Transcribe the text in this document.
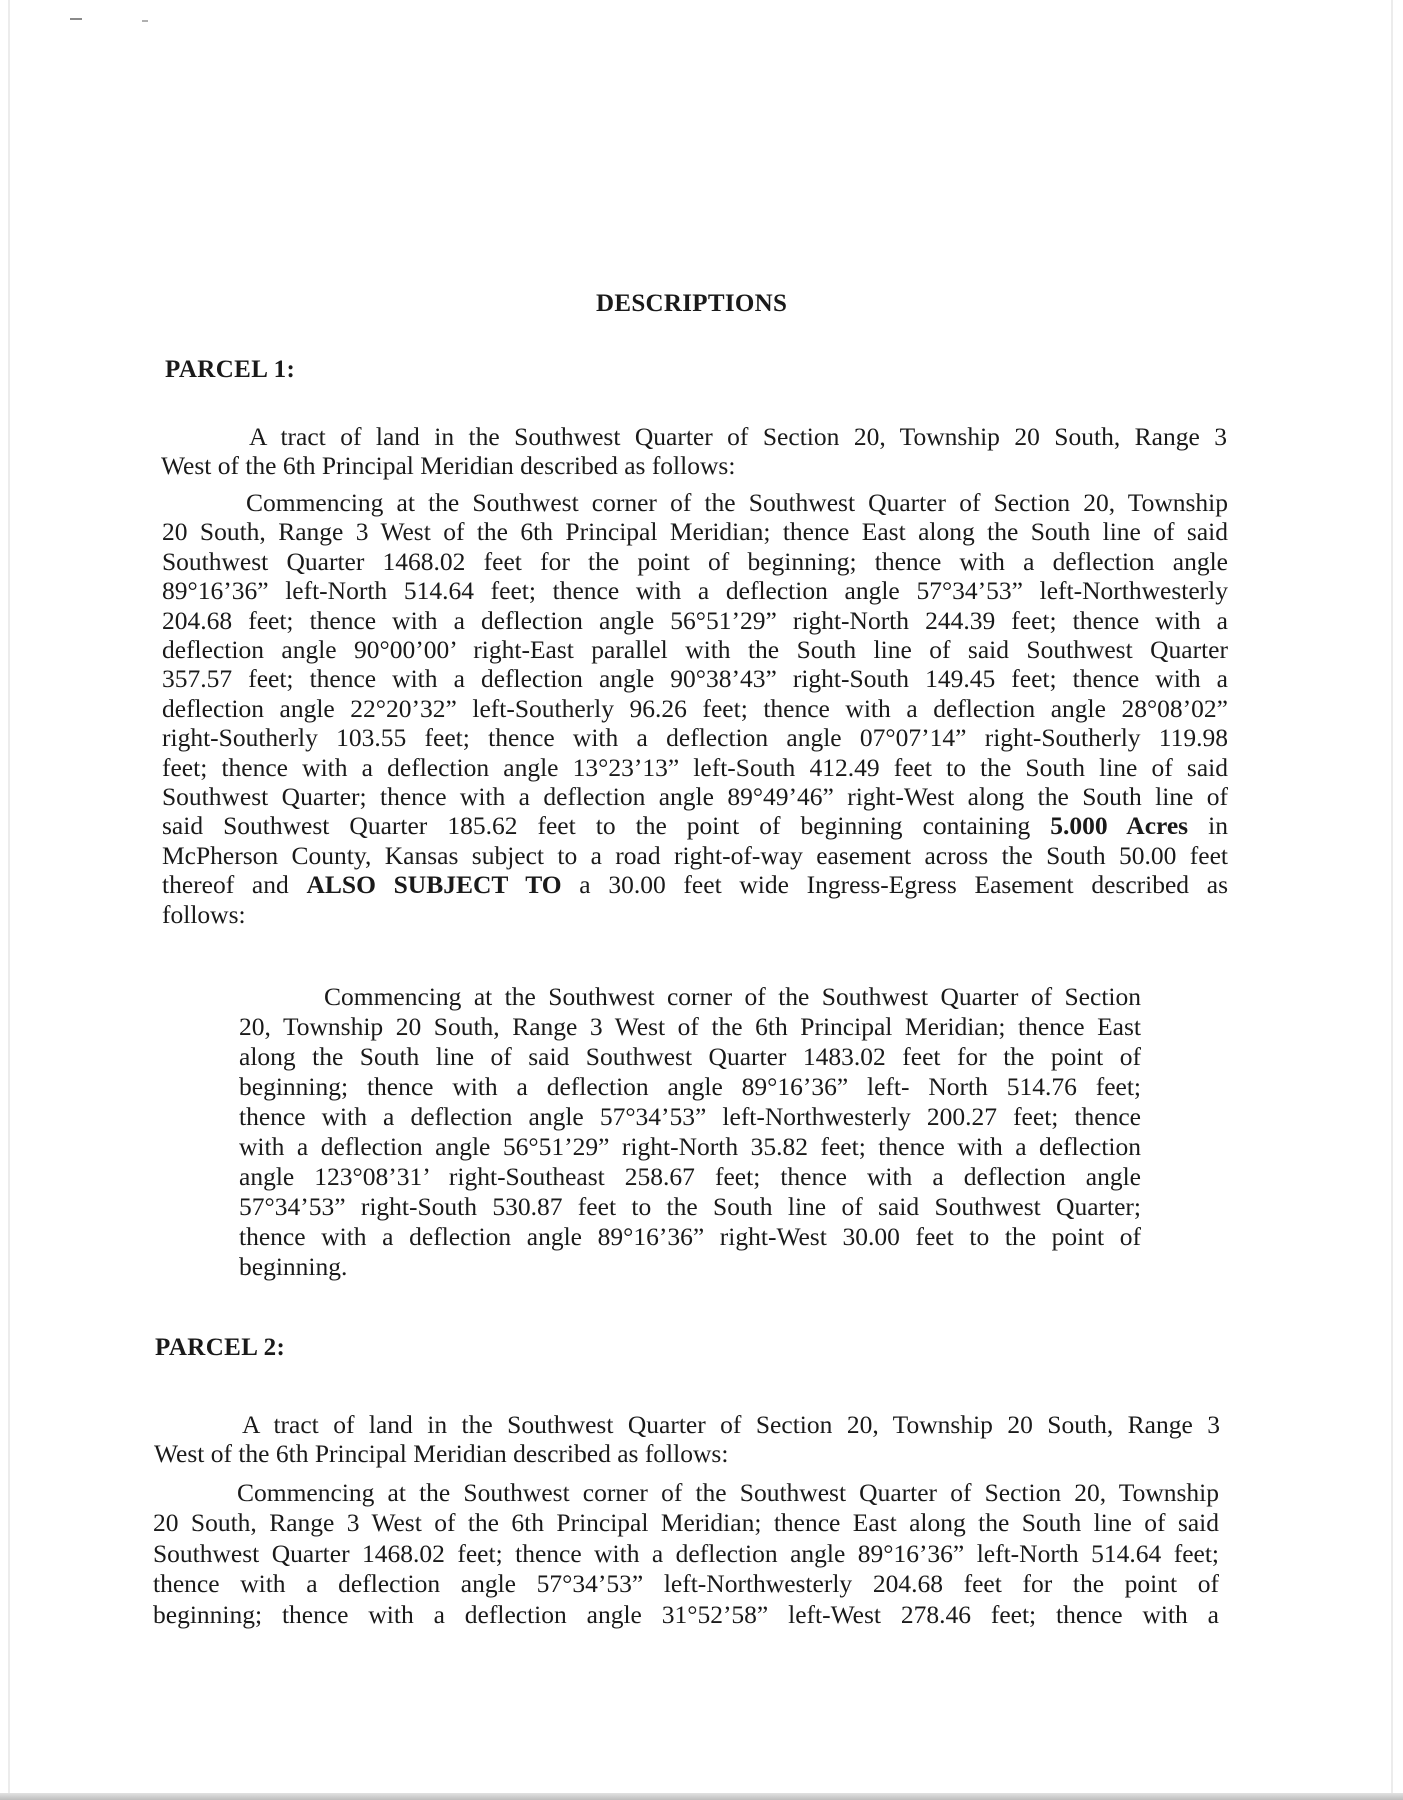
DESCRIPTIONS
PARCEL 1:
A tract of land in the Southwest Quarter of Section 20, Township 20 South, Range 3
West of the 6th Principal Meridian described as follows:
Commencing at the Southwest corner of the Southwest Quarter of Section 20, Township
20 South, Range 3 West of the 6th Principal Meridian; thence East along the South line of said
Southwest Quarter 1468.02 feet for the point of beginning; thence with a deflection angle
89°16’36” left-North 514.64 feet; thence with a deflection angle 57°34’53” left-Northwesterly
204.68 feet; thence with a deflection angle 56°51’29” right-North 244.39 feet; thence with a
deflection angle 90°00’00’ right-East parallel with the South line of said Southwest Quarter
357.57 feet; thence with a deflection angle 90°38’43” right-South 149.45 feet; thence with a
deflection angle 22°20’32” left-Southerly 96.26 feet; thence with a deflection angle 28°08’02”
right-Southerly 103.55 feet; thence with a deflection angle 07°07’14” right-Southerly 119.98
feet; thence with a deflection angle 13°23’13” left-South 412.49 feet to the South line of said
Southwest Quarter; thence with a deflection angle 89°49’46” right-West along the South line of
said Southwest Quarter 185.62 feet to the point of beginning containing 5.000 Acres in
McPherson County, Kansas subject to a road right-of-way easement across the South 50.00 feet
thereof and ALSO SUBJECT TO a 30.00 feet wide Ingress-Egress Easement described as
follows:
Commencing at the Southwest corner of the Southwest Quarter of Section
20, Township 20 South, Range 3 West of the 6th Principal Meridian; thence East
along the South line of said Southwest Quarter 1483.02 feet for the point of
beginning; thence with a deflection angle 89°16’36” left- North 514.76 feet;
thence with a deflection angle 57°34’53” left-Northwesterly 200.27 feet; thence
with a deflection angle 56°51’29” right-North 35.82 feet; thence with a deflection
angle 123°08’31’ right-Southeast 258.67 feet; thence with a deflection angle
57°34’53” right-South 530.87 feet to the South line of said Southwest Quarter;
thence with a deflection angle 89°16’36” right-West 30.00 feet to the point of
beginning.
PARCEL 2:
A tract of land in the Southwest Quarter of Section 20, Township 20 South, Range 3
West of the 6th Principal Meridian described as follows:
Commencing at the Southwest corner of the Southwest Quarter of Section 20, Township
20 South, Range 3 West of the 6th Principal Meridian; thence East along the South line of said
Southwest Quarter 1468.02 feet; thence with a deflection angle 89°16’36” left-North 514.64 feet;
thence with a deflection angle 57°34’53” left-Northwesterly 204.68 feet for the point of
beginning; thence with a deflection angle 31°52’58” left-West 278.46 feet; thence with a
